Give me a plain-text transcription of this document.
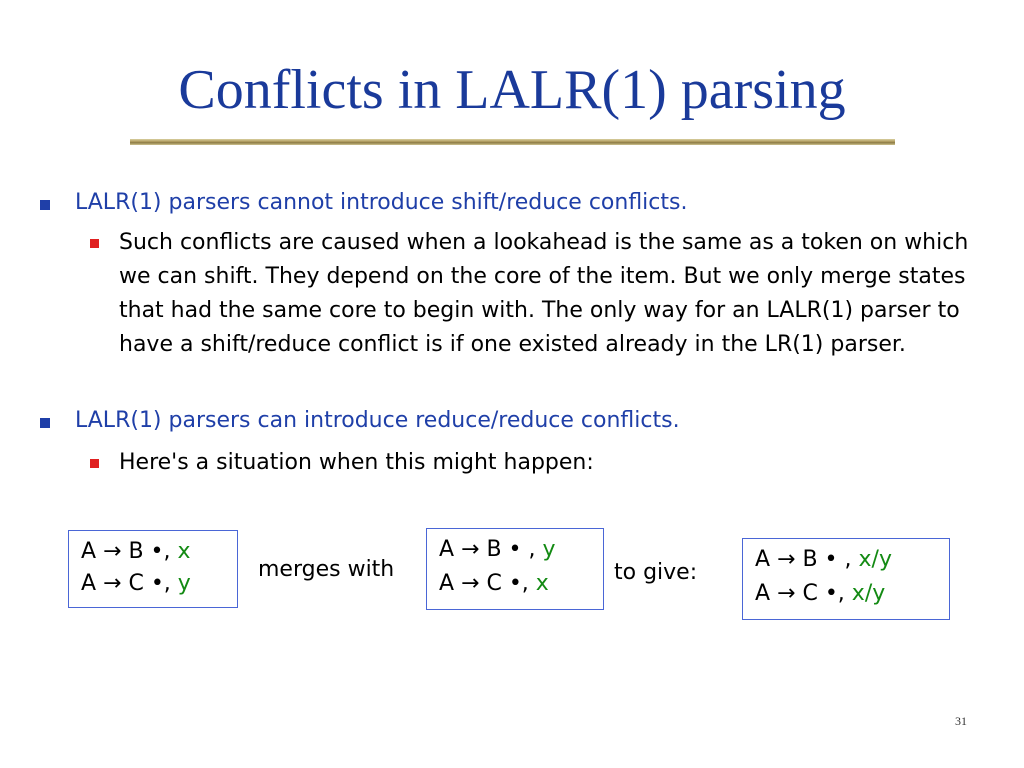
Conflicts in LALR(1) parsing
LALR(1) parsers cannot introduce shift/reduce conflicts.
Such conflicts are caused when a lookahead is the same as a token on which we can shift. They depend on the core of the item. But we only merge states that had the same core to begin with. The only way for an LALR(1) parser to have a shift/reduce conflict is if one existed already in the LR(1) parser.
LALR(1) parsers can introduce reduce/reduce conflicts.
Here's a situation when this might happen:
A → B •, x
A → C •, y
merges with
A → B • , y
A → C •, x	to give:
A → B • , x/y
A → C •, x/y
31
